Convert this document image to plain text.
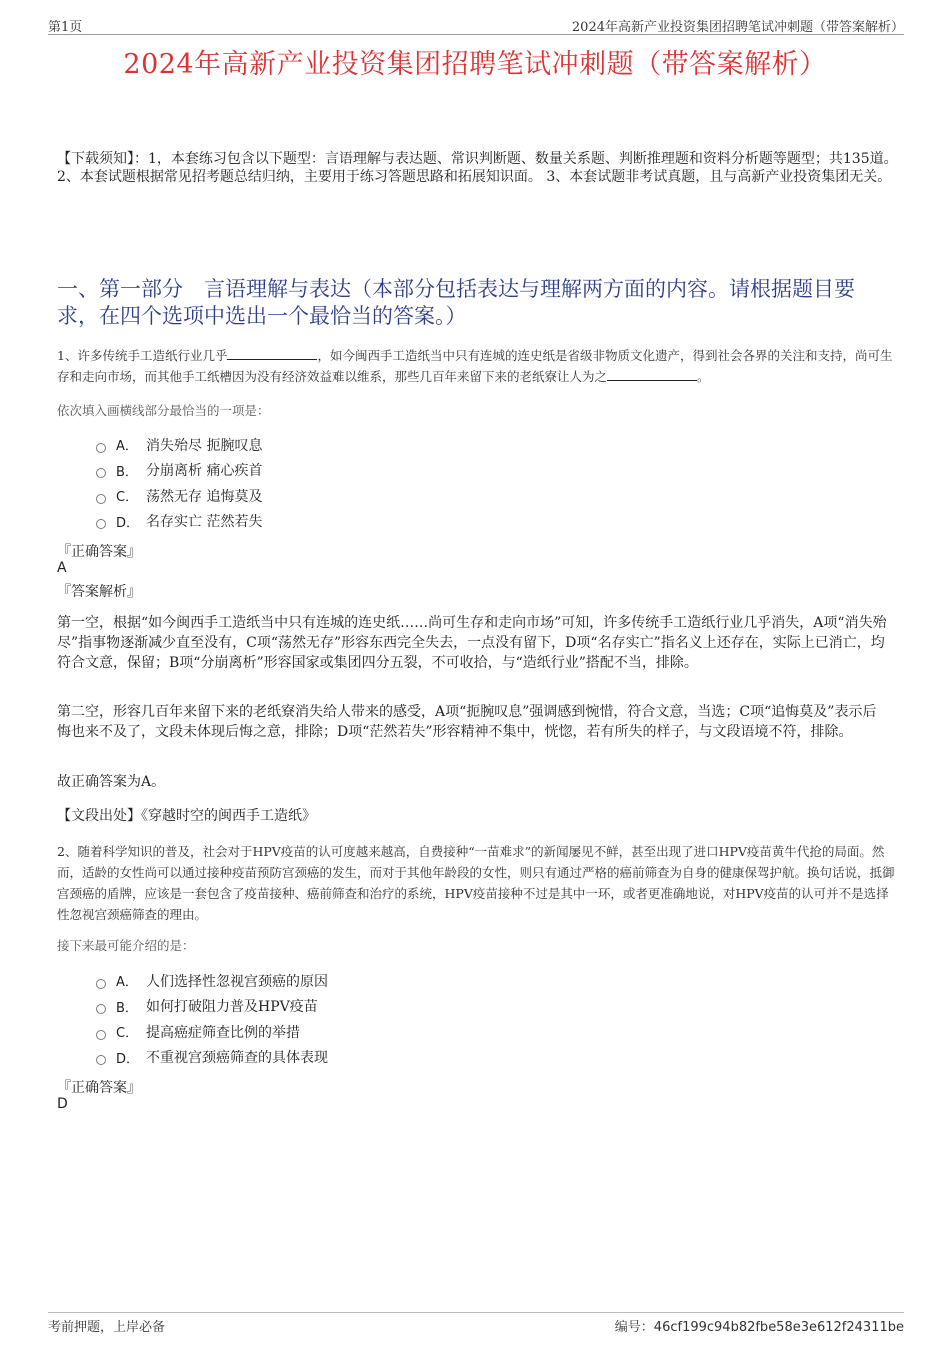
第1页	2024年高新产业投资集团招聘笔试冲刺题（带答案解析）
2024年高新产业投资集团招聘笔试冲刺题（带答案解析）
【下载须知】：1，本套练习包含以下题型：言语理解与表达题、常识判断题、数量关系题、判断推理题和资料分析题等题型；共135道。 2、本套试题根据常见招考题总结归纳，主要用于练习答题思路和拓展知识面。 3、本套试题非考试真题，且与高新产业投资集团无关。
一、第一部分　言语理解与表达（本部分包括表达与理解两方面的内容。请根据题目要求，在四个选项中选出一个最恰当的答案。）
1、许多传统手工造纸行业几乎	，如今闽西手工造纸当中只有连城的连史纸是省级非物质文化遗产，得到社会各界的关注和支持，尚可生存和走向市场，而其他手工纸槽因为没有经济效益难以维系，那些几百年来留下来的老纸寮让人为之	。
依次填入画横线部分最恰当的一项是：
A． 消失殆尽 扼腕叹息
B． 分崩离析 痛心疾首
C． 荡然无存 追悔莫及
D． 名存实亡 茫然若失
『正确答案』
A
『答案解析』
第一空，根据“如今闽西手工造纸当中只有连城的连史纸……尚可生存和走向市场”可知，许多传统手工造纸行业几乎消失，A项“消失殆尽”指事物逐渐减少直至没有，C项“荡然无存”形容东西完全失去，一点没有留下，D项“名存实亡”指名义上还存在，实际上已消亡，均符合文意，保留；B项“分崩离析”形容国家或集团四分五裂，不可收拾，与“造纸行业”搭配不当，排除。
第二空，形容几百年来留下来的老纸寮消失给人带来的感受，A项“扼腕叹息”强调感到惋惜，符合文意，当选；C项“追悔莫及”表示后悔也来不及了，文段未体现后悔之意，排除；D项“茫然若失”形容精神不集中，恍惚，若有所失的样子，与文段语境不符，排除。
故正确答案为A。
【文段出处】《穿越时空的闽西手工造纸》
2、随着科学知识的普及，社会对于HPV疫苗的认可度越来越高，自费接种“一苗难求”的新闻屡见不鲜，甚至出现了进口HPV疫苗黄牛代抢的局面。然而，适龄的女性尚可以通过接种疫苗预防宫颈癌的发生，而对于其他年龄段的女性，则只有通过严格的癌前筛查为自身的健康保驾护航。换句话说，抵御宫颈癌的盾牌，应该是一套包含了疫苗接种、癌前筛查和治疗的系统，HPV疫苗接种不过是其中一环，或者更准确地说，对HPV疫苗的认可并不是选择性忽视宫颈癌筛查的理由。
接下来最可能介绍的是：
A． 人们选择性忽视宫颈癌的原因
B． 如何打破阻力普及HPV疫苗
C． 提高癌症筛查比例的举措
D． 不重视宫颈癌筛查的具体表现
『正确答案』
D
考前押题，上岸必备	编号：46cf199c94b82fbe58e3e612f24311be
